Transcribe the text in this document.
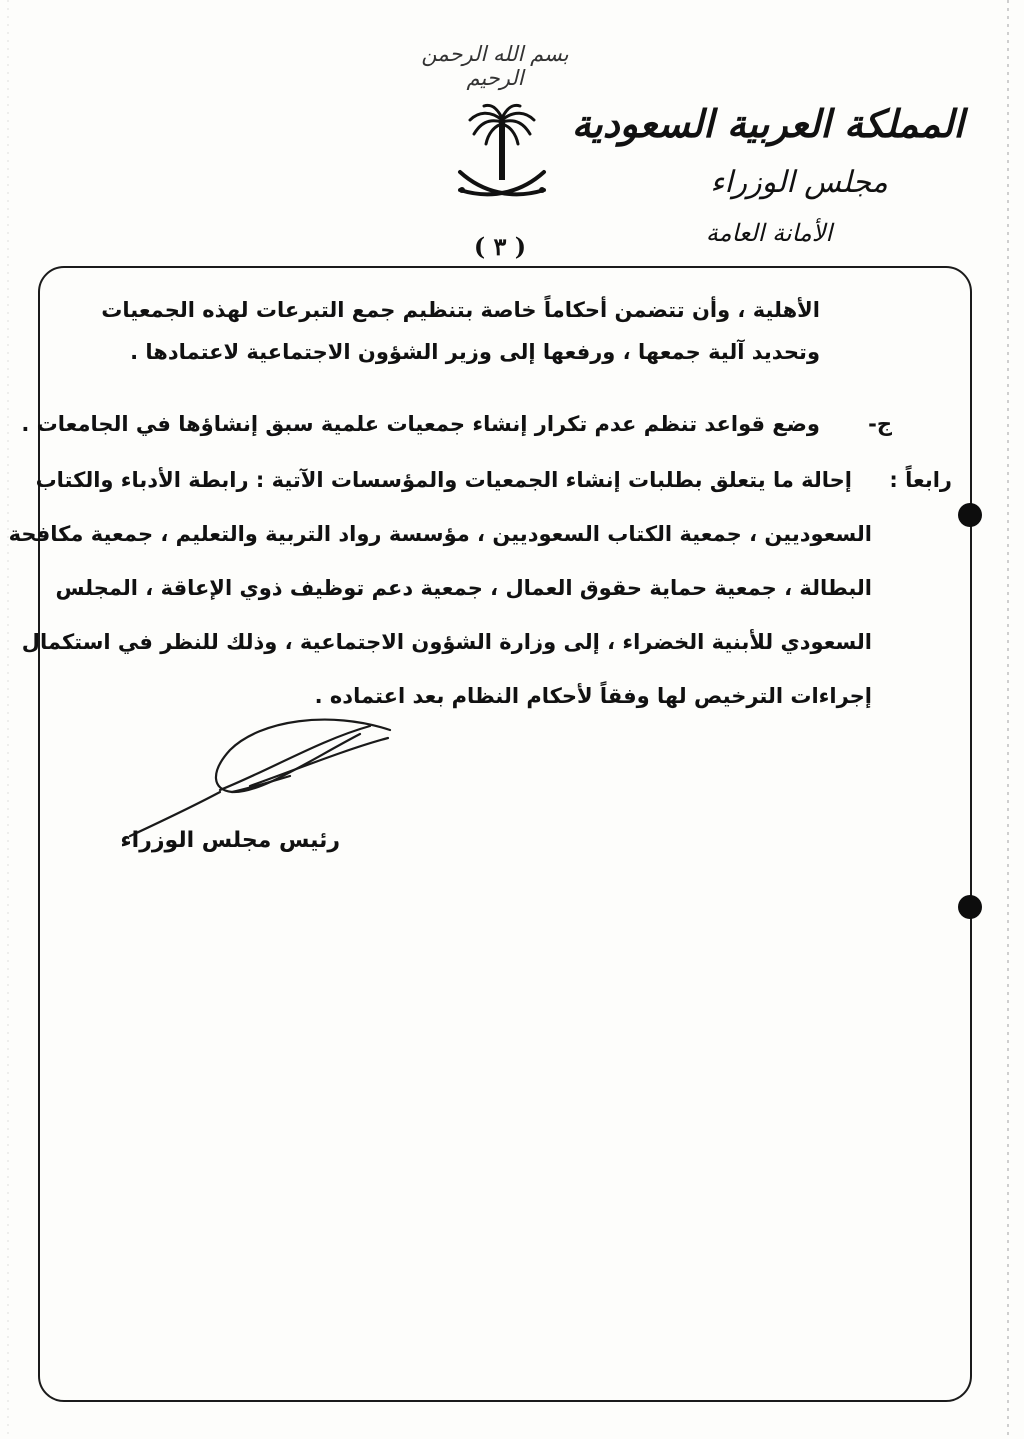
بسم الله الرحمن الرحيم
( ٣ )
المملكة العربية السعودية
مجلس الوزراء
الأمانة العامة
الأهلية ، وأن تتضمن أحكاماً خاصة بتنظيم جمع التبرعات لهذه الجمعيات
وتحديد آلية جمعها ، ورفعها إلى وزير الشؤون الاجتماعية لاعتمادها .
ج-
وضع قواعد تنظم عدم تكرار إنشاء جمعيات علمية سبق إنشاؤها في الجامعات .
رابعاً :
إحالة ما يتعلق بطلبات إنشاء الجمعيات والمؤسسات الآتية : رابطة الأدباء والكتاب
السعوديين ، جمعية الكتاب السعوديين ، مؤسسة رواد التربية والتعليم ، جمعية مكافحة
البطالة ، جمعية حماية حقوق العمال ، جمعية دعم توظيف ذوي الإعاقة ، المجلس
السعودي للأبنية الخضراء ، إلى وزارة الشؤون الاجتماعية ، وذلك للنظر في استكمال
إجراءات الترخيص لها وفقاً لأحكام النظام بعد اعتماده .
رئيس مجلس الوزراء
